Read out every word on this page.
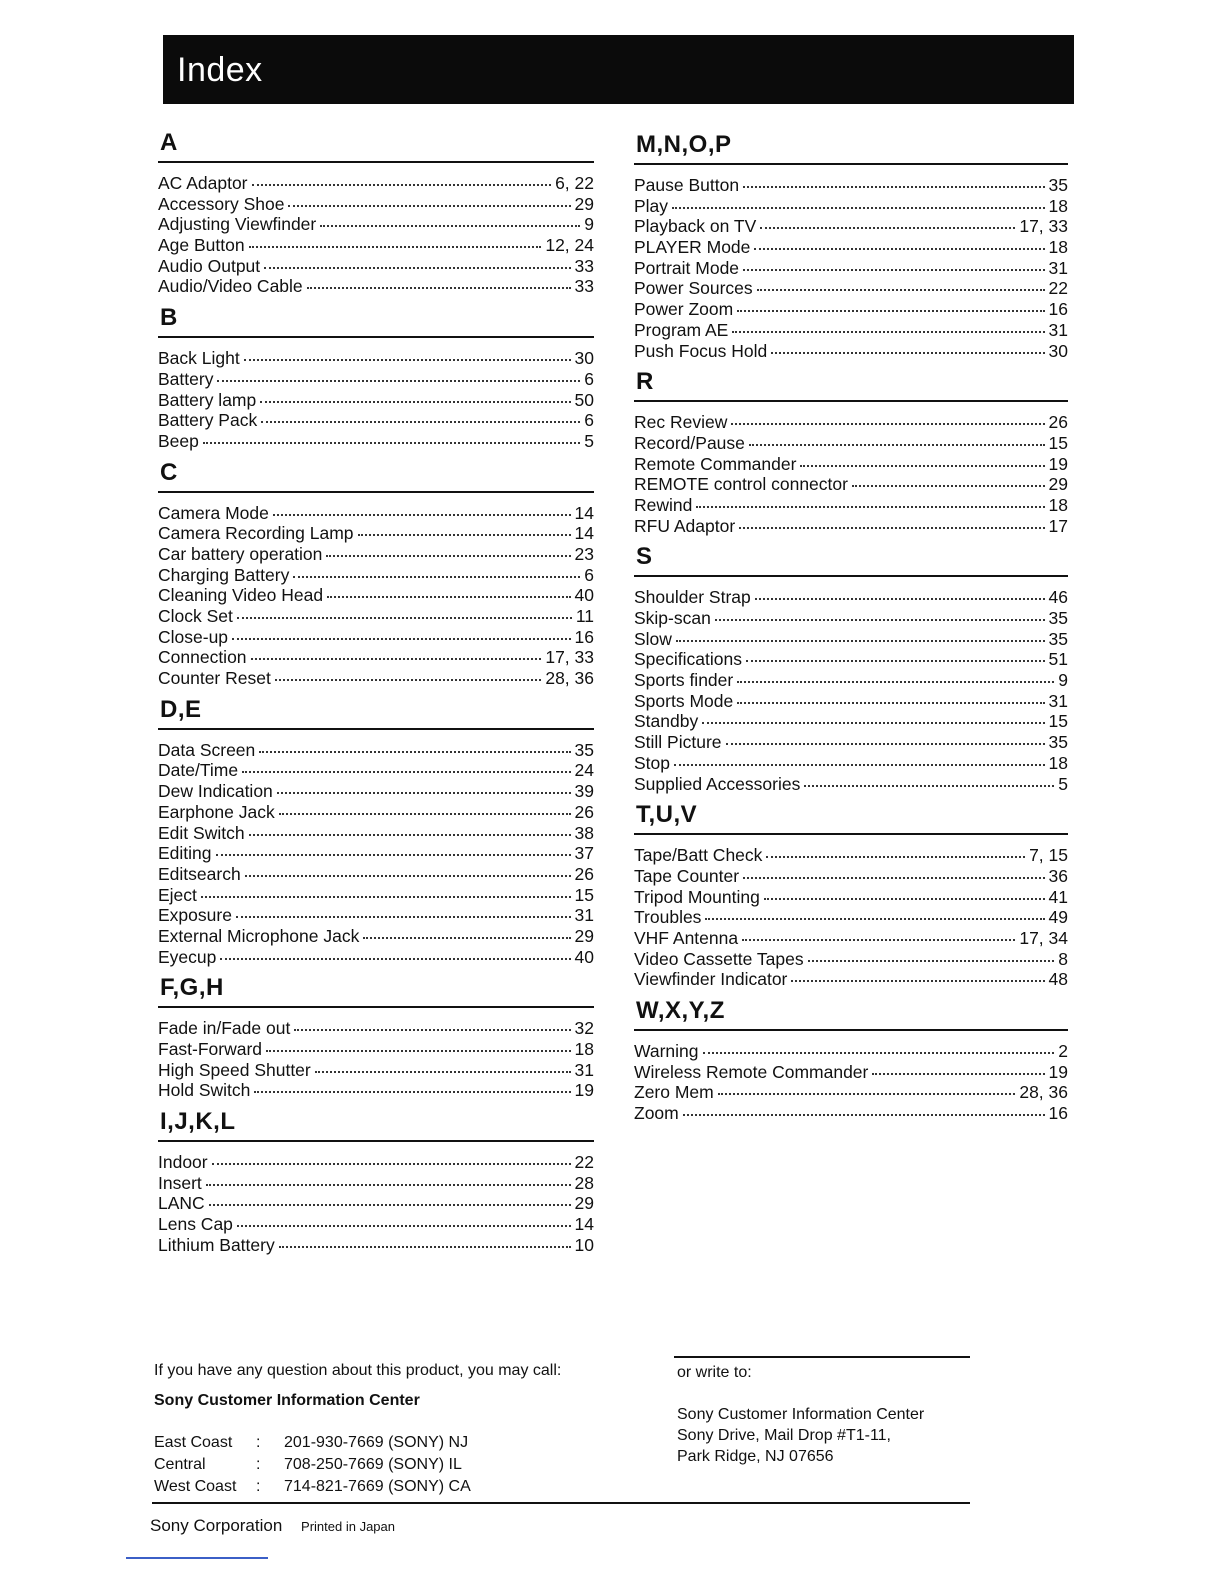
Index
A
AC Adaptor	6, 22
Accessory Shoe	29
Adjusting Viewfinder	9
Age Button	12, 24
Audio Output	33
Audio/Video Cable	33
B
Back Light	30
Battery	6
Battery lamp	50
Battery Pack	6
Beep	5
C
Camera Mode	14
Camera Recording Lamp	14
Car battery operation	23
Charging Battery	6
Cleaning Video Head	40
Clock Set	11
Close-up	16
Connection	17, 33
Counter Reset	28, 36
D,E
Data Screen	35
Date/Time	24
Dew Indication	39
Earphone Jack	26
Edit Switch	38
Editing	37
Editsearch	26
Eject	15
Exposure	31
External Microphone Jack	29
Eyecup	40
F,G,H
Fade in/Fade out	32
Fast-Forward	18
High Speed Shutter	31
Hold Switch	19
I,J,K,L
Indoor	22
Insert	28
LANC	29
Lens Cap	14
Lithium Battery	10
M,N,O,P
Pause Button	35
Play	18
Playback on TV	17, 33
PLAYER Mode	18
Portrait Mode	31
Power Sources	22
Power Zoom	16
Program AE	31
Push Focus Hold	30
R
Rec Review	26
Record/Pause	15
Remote Commander	19
REMOTE control connector	29
Rewind	18
RFU Adaptor	17
S
Shoulder Strap	46
Skip-scan	35
Slow	35
Specifications	51
Sports finder	9
Sports Mode	31
Standby	15
Still Picture	35
Stop	18
Supplied Accessories	5
T,U,V
Tape/Batt Check	7, 15
Tape Counter	36
Tripod Mounting	41
Troubles	49
VHF Antenna	17, 34
Video Cassette Tapes	8
Viewfinder Indicator	48
W,X,Y,Z
Warning	2
Wireless Remote Commander	19
Zero Mem	28, 36
Zoom	16
If you have any question about this product, you may call:
Sony Customer Information Center
East Coast	:	201-930-7669 (SONY) NJ
Central	:	708-250-7669 (SONY) IL
West Coast	:	714-821-7669 (SONY) CA
or write to:
Sony Customer Information Center
Sony Drive, Mail Drop #T1-11,
Park Ridge, NJ 07656
Sony Corporation Printed in Japan
